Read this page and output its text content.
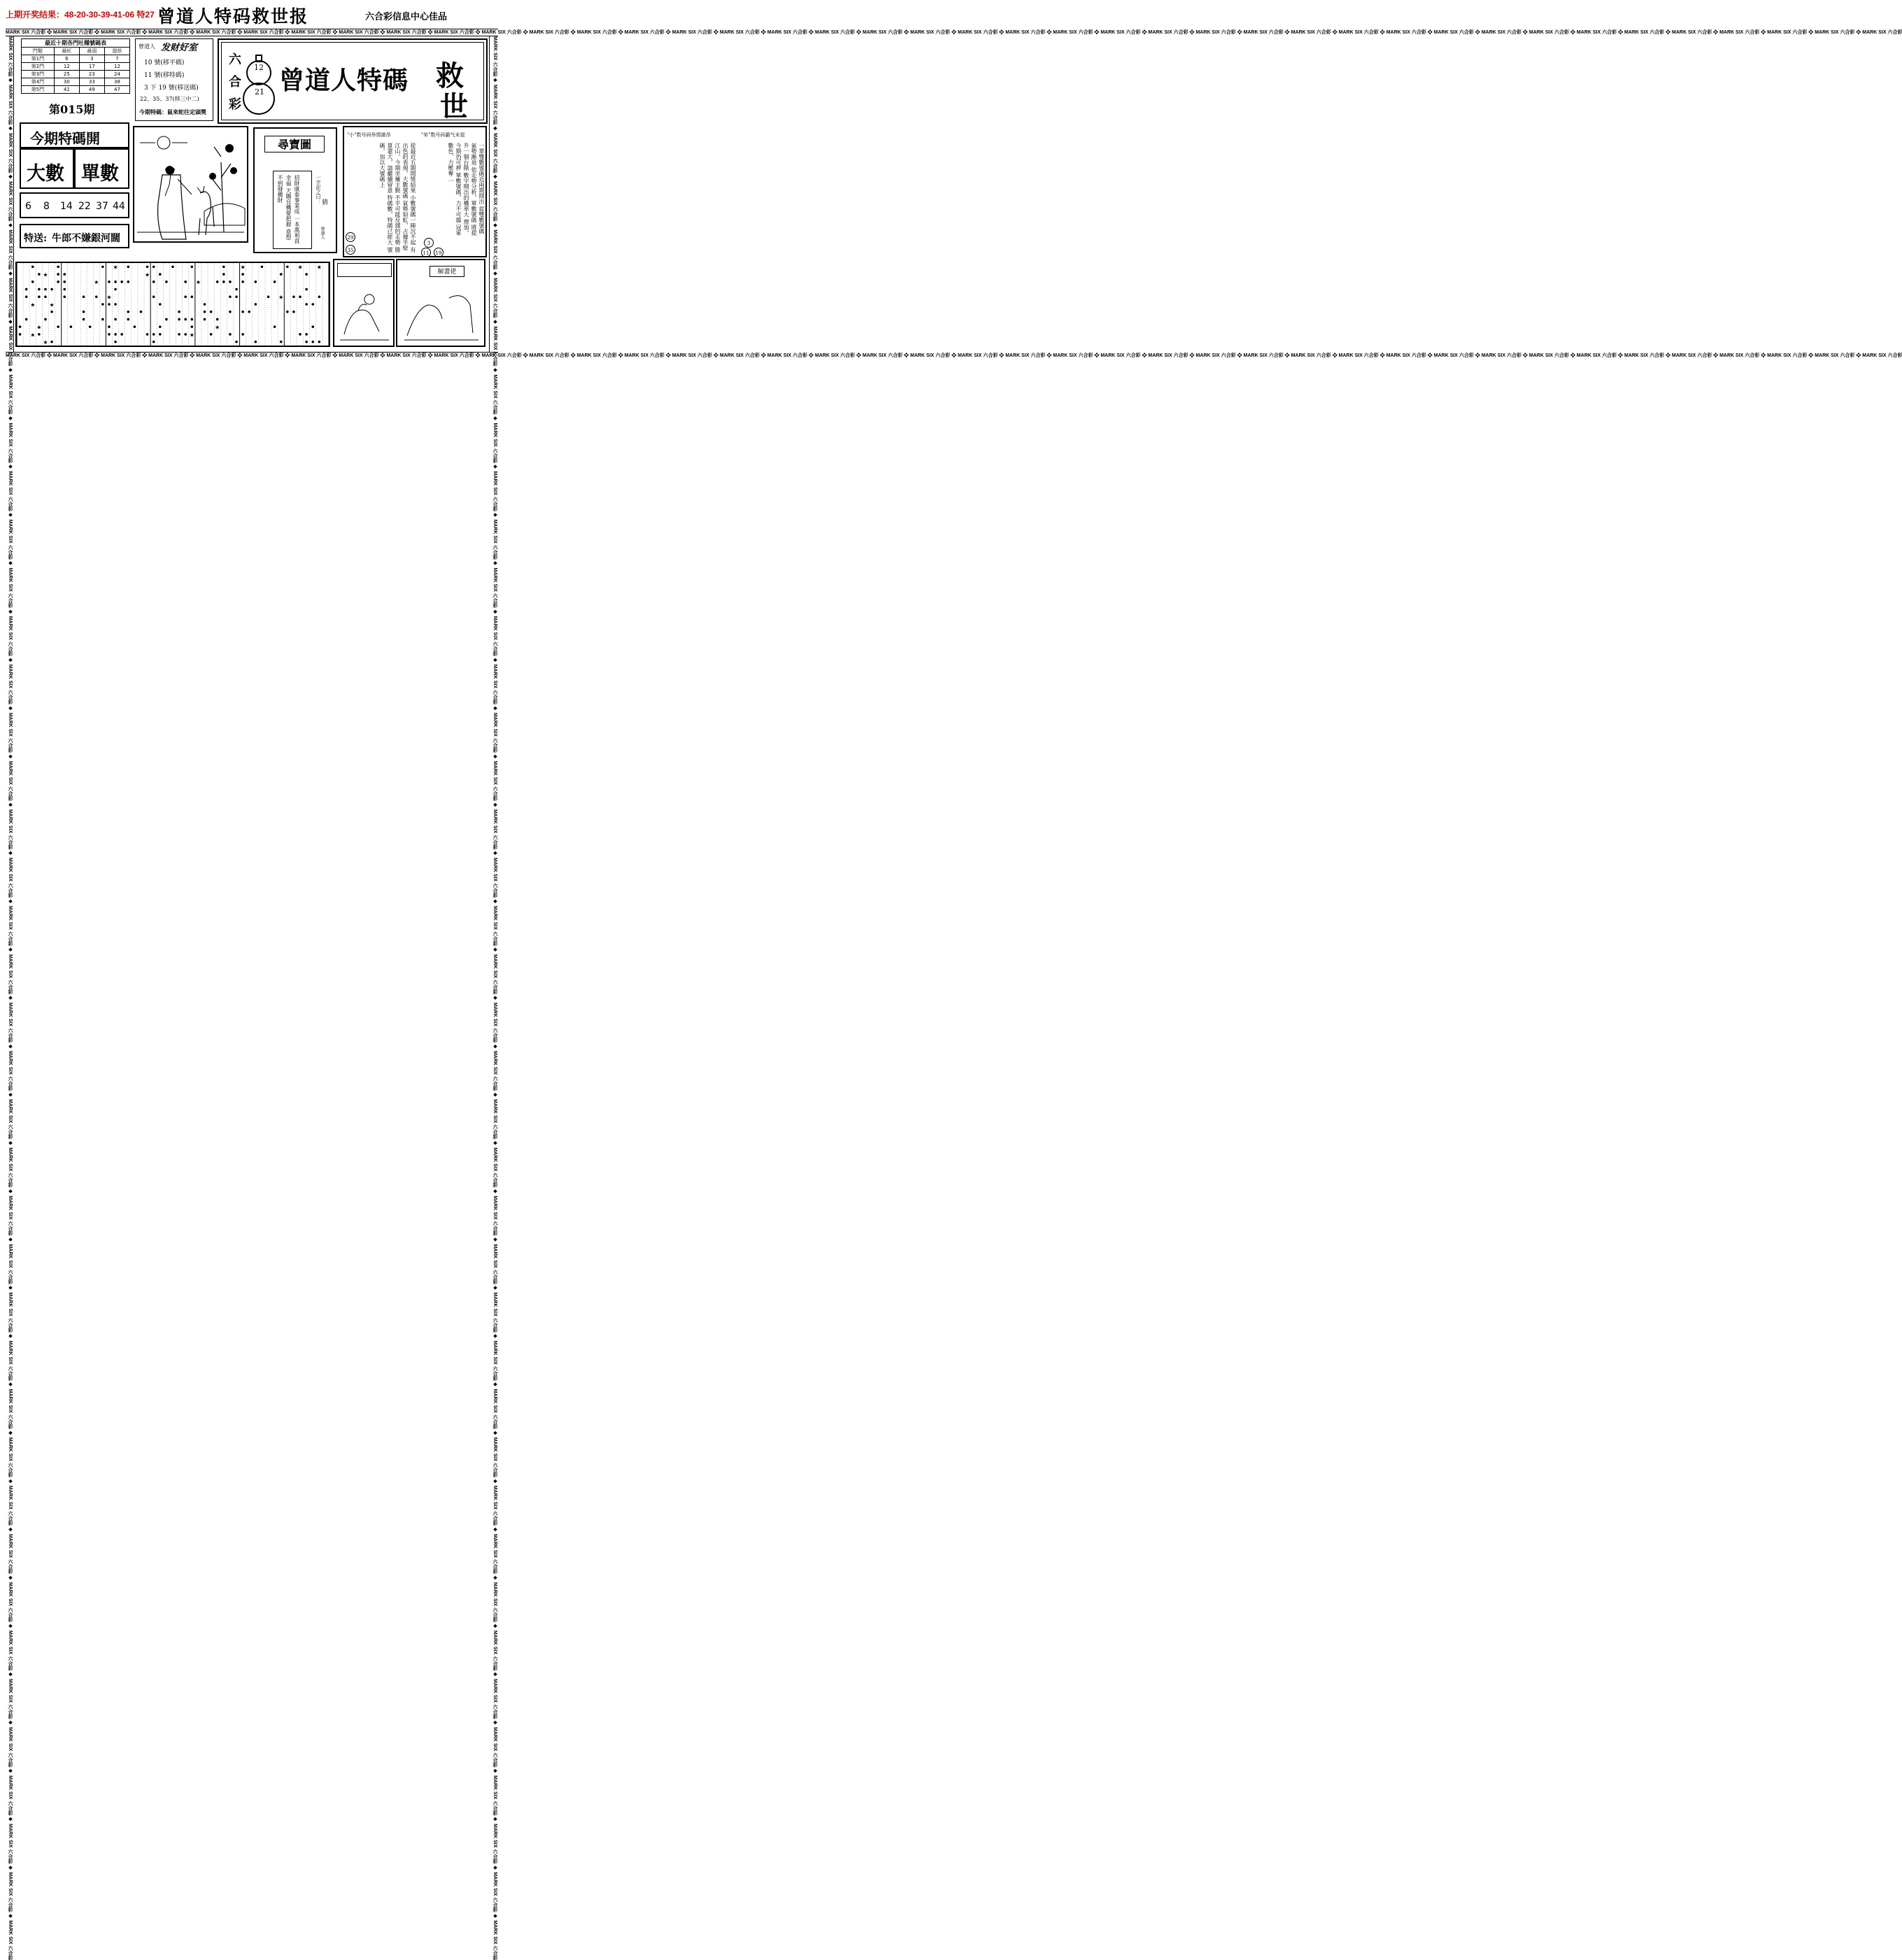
上期开奖结果：48-20-30-39-41-06 特27 曾道人特码救世报	六合彩信息中心佳品
MARK SIX 六合彩 ❖ MARK SIX 六合彩 ❖ MARK SIX 六合彩 ❖ MARK SIX 六合彩 ❖ MARK SIX 六合彩 ❖ MARK SIX 六合彩 ❖ MARK SIX 六合彩 ❖ MARK SIX 六合彩 ❖ MARK SIX 六合彩 ❖ MARK SIX 六合彩 ❖ MARK SIX 六合彩 ❖ MARK SIX 六合彩 ❖ MARK SIX 六合彩 ❖ MARK SIX 六合彩 ❖ MARK SIX 六合彩 ❖ MARK SIX 六合彩 ❖ MARK SIX 六合彩 ❖ MARK SIX 六合彩 ❖ MARK SIX 六合彩 ❖ MARK SIX 六合彩 ❖ MARK SIX 六合彩 ❖ MARK SIX 六合彩 ❖ MARK SIX 六合彩 ❖ MARK SIX 六合彩 ❖ MARK SIX 六合彩 ❖ MARK SIX 六合彩 ❖ MARK SIX 六合彩 ❖ MARK SIX 六合彩 ❖ MARK SIX 六合彩 ❖ MARK SIX 六合彩 ❖ MARK SIX 六合彩 ❖ MARK SIX 六合彩 ❖ MARK SIX 六合彩 ❖ MARK SIX 六合彩 ❖ MARK SIX 六合彩 ❖ MARK SIX 六合彩 ❖ MARK SIX 六合彩 ❖ MARK SIX 六合彩 ❖ MARK SIX 六合彩 ❖ MARK SIX 六合彩
MARK SIX 六合彩 ❖ MARK SIX 六合彩 ❖ MARK SIX 六合彩 ❖ MARK SIX 六合彩 ❖ MARK SIX 六合彩 ❖ MARK SIX 六合彩 ❖ MARK SIX 六合彩 ❖ MARK SIX 六合彩 ❖ MARK SIX 六合彩 ❖ MARK SIX 六合彩 ❖ MARK SIX 六合彩 ❖ MARK SIX 六合彩 ❖ MARK SIX 六合彩 ❖ MARK SIX 六合彩 ❖ MARK SIX 六合彩 ❖ MARK SIX 六合彩 ❖ MARK SIX 六合彩 ❖ MARK SIX 六合彩 ❖ MARK SIX 六合彩 ❖ MARK SIX 六合彩 ❖ MARK SIX 六合彩 ❖ MARK SIX 六合彩 ❖ MARK SIX 六合彩 ❖ MARK SIX 六合彩 ❖ MARK SIX 六合彩 ❖ MARK SIX 六合彩 ❖ MARK SIX 六合彩 ❖ MARK SIX 六合彩 ❖ MARK SIX 六合彩 ❖ MARK SIX 六合彩 ❖ MARK SIX 六合彩 ❖ MARK SIX 六合彩 ❖ MARK SIX 六合彩 ❖ MARK SIX 六合彩 ❖ MARK SIX 六合彩 ❖ MARK SIX 六合彩 ❖ MARK SIX 六合彩 ❖ MARK SIX 六合彩 ❖ MARK SIX 六合彩 ❖ MARK SIX 六合彩
MARK SIX 六合彩 ❖ MARK SIX 六合彩 ❖ MARK SIX 六合彩 ❖ MARK SIX 六合彩 ❖ MARK SIX 六合彩 ❖ MARK SIX 六合彩 ❖ MARK SIX 六合彩 ❖ MARK SIX 六合彩 ❖ MARK SIX 六合彩 ❖ MARK SIX 六合彩 ❖ MARK SIX 六合彩 ❖ MARK SIX 六合彩 ❖ MARK SIX 六合彩 ❖ MARK SIX 六合彩 ❖ MARK SIX 六合彩 ❖ MARK SIX 六合彩 ❖ MARK SIX 六合彩 ❖ MARK SIX 六合彩 ❖ MARK SIX 六合彩 ❖ MARK SIX 六合彩 ❖ MARK SIX 六合彩 ❖ MARK SIX 六合彩 ❖ MARK SIX 六合彩 ❖ MARK SIX 六合彩 ❖ MARK SIX 六合彩 ❖ MARK SIX 六合彩 ❖ MARK SIX 六合彩 ❖ MARK SIX 六合彩 ❖ MARK SIX 六合彩 ❖ MARK SIX 六合彩 ❖ MARK SIX 六合彩 ❖ MARK SIX 六合彩 ❖ MARK SIX 六合彩 ❖ MARK SIX 六合彩 ❖ MARK SIX 六合彩 ❖ MARK SIX 六合彩 ❖ MARK SIX 六合彩 ❖ MARK SIX 六合彩 ❖ MARK SIX 六合彩 ❖ MARK SIX 六合彩	MARK SIX 六合彩 ❖ MARK SIX 六合彩 ❖ MARK SIX 六合彩 ❖ MARK SIX 六合彩 ❖ MARK SIX 六合彩 ❖ MARK SIX 六合彩 ❖ MARK SIX 六合彩 ❖ MARK SIX 六合彩 ❖ MARK SIX 六合彩 ❖ MARK SIX 六合彩 ❖ MARK SIX 六合彩 ❖ MARK SIX 六合彩 ❖ MARK SIX 六合彩 ❖ MARK SIX 六合彩 ❖ MARK SIX 六合彩 ❖ MARK SIX 六合彩 ❖ MARK SIX 六合彩 ❖ MARK SIX 六合彩 ❖ MARK SIX 六合彩 ❖ MARK SIX 六合彩 ❖ MARK SIX 六合彩 ❖ MARK SIX 六合彩 ❖ MARK SIX 六合彩 ❖ MARK SIX 六合彩 ❖ MARK SIX 六合彩 ❖ MARK SIX 六合彩 ❖ MARK SIX 六合彩 ❖ MARK SIX 六合彩 ❖ MARK SIX 六合彩 ❖ MARK SIX 六合彩 ❖ MARK SIX 六合彩 ❖ MARK SIX 六合彩 ❖ MARK SIX 六合彩 ❖ MARK SIX 六合彩 ❖ MARK SIX 六合彩 ❖ MARK SIX 六合彩 ❖ MARK SIX 六合彩 ❖ MARK SIX 六合彩 ❖ MARK SIX 六合彩 ❖ MARK SIX 六合彩
最近十期各門吐穩號碼表
門類	最旺	最弱	提供
第1門	6	3	7
第2門	12	17	12
第3門	25	23	24
第4門	30	33	38
第5門	41	49	47
第015期
曾道人 发财好室
10 號(移平碼)
11 號(移特碼)
3 下 19 號(移送碼)
22、35、37(移三中二)
今期特碼：鼠來蛇往定頭獎
六
合
彩
12
21 曾道人特碼 救
世
今期特碼開
大數 單數
6 8 14 22 37 44
特送: 牛郎不嫌銀河闊
尋寶圖
招財康泰事業成 一本萬利真幸福 天賜良機要把握 意想不到發橫財	一字記之曰： 猜
曾道人
"小"数号码举情激昂	"单"数号码霸气未退
從最近五期開獎結果 小數號碼一陣沉不起 有出色的表現，大數號碼 氣勢如虹，占據半壁 江山。今期坐擁主動 不平可能反撲的走勢 勝算還大，請繼續留意 特碼數，特碼已經大 號碼，加以大號碼上	一單雙數號碼近兩期開出 從雙數號碼氣勢漸退 依走勢分析，單數號碼 將提升一個台階 數字開出的機率大 增加，今期仍可押 單數號碼，力不可擋 冠軍數色、力壓奪 一
29
35
3
11	19
解畫佬
★	★	★	★
★	★
★	★
★	★
★	★
★	★
★	★
★
